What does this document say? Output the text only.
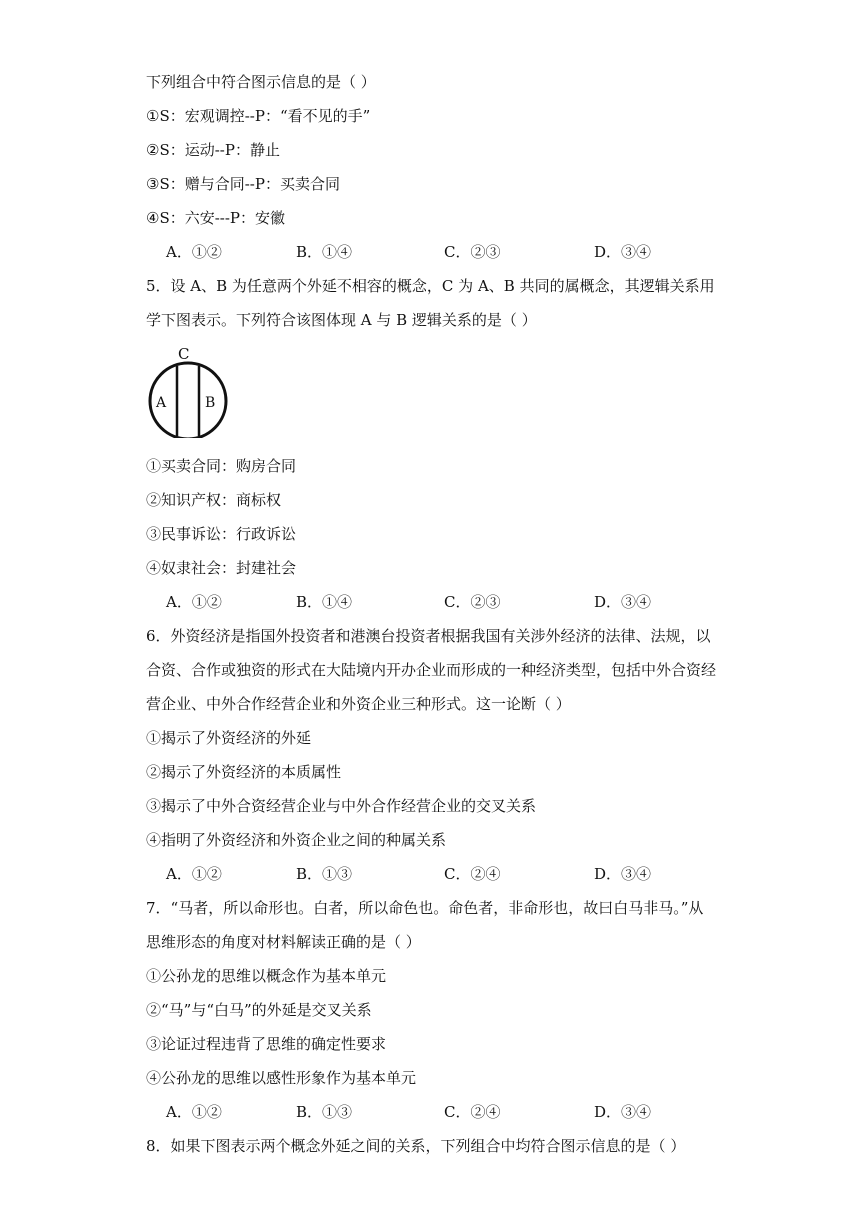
下列组合中符合图示信息的是（ ）
①S：宏观调控--P：“看不见的手”
②S：运动--P：静止
③S：赠与合同--P：买卖合同
④S：六安---P：安徽
A．①②	B．①④	C．②③	D．③④
5．设 A、B 为任意两个外延不相容的概念，C 为 A、B 共同的属概念，其逻辑关系用
学下图表示。下列符合该图体现 A 与 B 逻辑关系的是（ ）
C
A	B
①买卖合同：购房合同
②知识产权：商标权
③民事诉讼：行政诉讼
④奴隶社会：封建社会
A．①②	B．①④	C．②③	D．③④
6．外资经济是指国外投资者和港澳台投资者根据我国有关涉外经济的法律、法规，以
合资、合作或独资的形式在大陆境内开办企业而形成的一种经济类型，包括中外合资经
营企业、中外合作经营企业和外资企业三种形式。这一论断（ ）
①揭示了外资经济的外延
②揭示了外资经济的本质属性
③揭示了中外合资经营企业与中外合作经营企业的交叉关系
④指明了外资经济和外资企业之间的种属关系
A．①②	B．①③	C．②④	D．③④
7．“马者，所以命形也。白者，所以命色也。命色者，非命形也，故曰白马非马。”从
思维形态的角度对材料解读正确的是（ ）
①公孙龙的思维以概念作为基本单元
②“马”与“白马”的外延是交叉关系
③论证过程违背了思维的确定性要求
④公孙龙的思维以感性形象作为基本单元
A．①②	B．①③	C．②④	D．③④
8．如果下图表示两个概念外延之间的关系，下列组合中均符合图示信息的是（ ）
